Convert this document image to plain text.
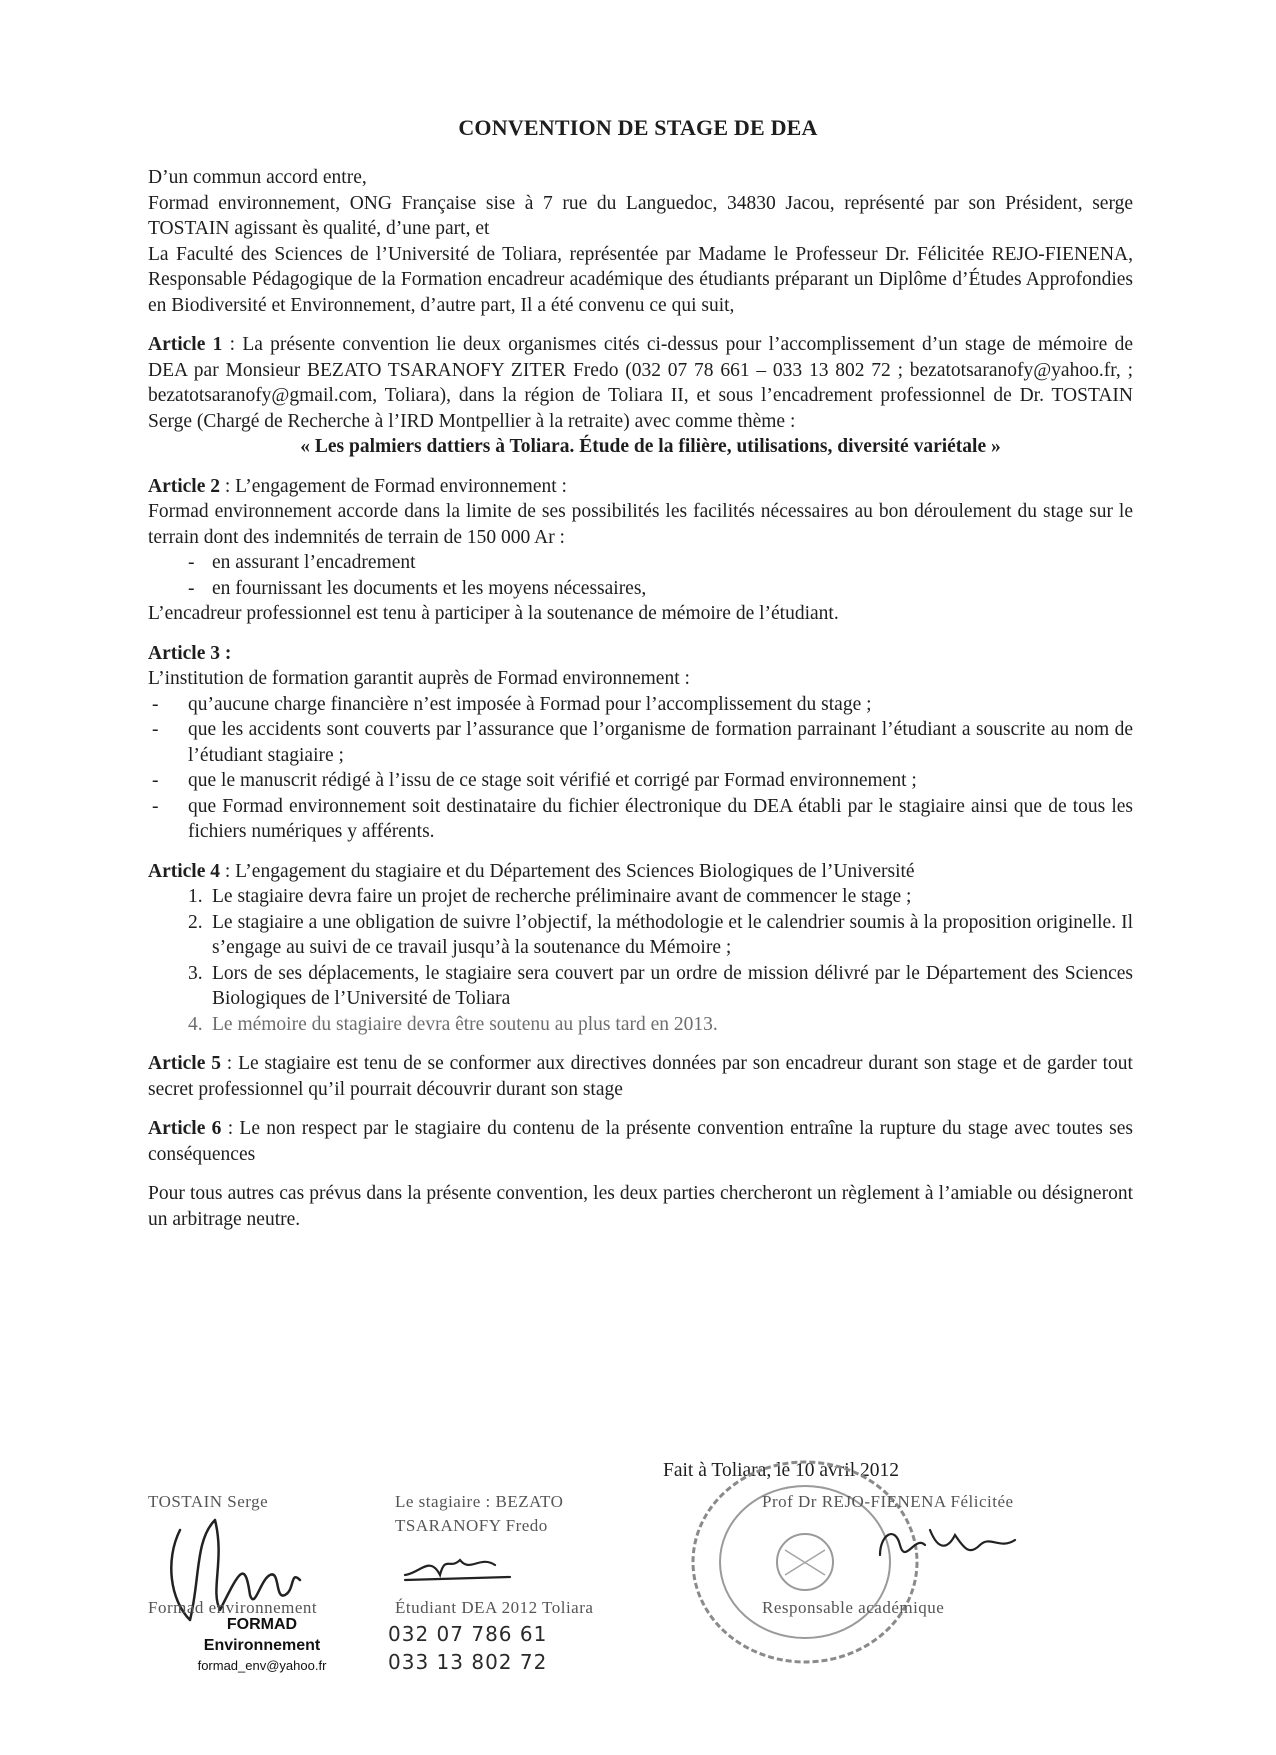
CONVENTION DE STAGE DE DEA

D’un commun accord entre,

Formad environnement, ONG Française sise à 7 rue du Languedoc, 34830 Jacou, représenté par son Président, serge TOSTAIN agissant ès qualité, d’une part, et

La Faculté des Sciences de l’Université de Toliara, représentée par Madame le Professeur Dr. Félicitée REJO-FIENENA, Responsable Pédagogique de la Formation encadreur académique des étudiants préparant un Diplôme d’Études Approfondies en Biodiversité et Environnement, d’autre part, Il a été convenu ce qui suit,

Article 1 : La présente convention lie deux organismes cités ci-dessus pour l’accomplissement d’un stage de mémoire de DEA par Monsieur BEZATO TSARANOFY ZITER Fredo (032 07 78 661 – 033 13 802 72 ; bezatotsaranofy@yahoo.fr, ; bezatotsaranofy@gmail.com, Toliara), dans la région de Toliara II, et sous l’encadrement professionnel de Dr. TOSTAIN Serge (Chargé de Recherche à l’IRD Montpellier à la retraite) avec comme thème :

« Les palmiers dattiers à Toliara. Étude de la filière, utilisations, diversité variétale »

Article 2 : L’engagement de Formad environnement :

Formad environnement accorde dans la limite de ses possibilités les facilités nécessaires au bon déroulement du stage sur le terrain dont des indemnités de terrain de 150 000 Ar :

- en assurant l’encadrement
- en fournissant les documents et les moyens nécessaires,

L’encadreur professionnel est tenu à participer à la soutenance de mémoire de l’étudiant.

Article 3 :

L’institution de formation garantit auprès de Formad environnement :

- qu’aucune charge financière n’est imposée à Formad pour l’accomplissement du stage ;
- que les accidents sont couverts par l’assurance que l’organisme de formation parrainant l’étudiant a souscrite au nom de l’étudiant stagiaire ;
- que le manuscrit rédigé à l’issu de ce stage soit vérifié et corrigé par Formad environnement ;
- que Formad environnement soit destinataire du fichier électronique du DEA établi par le stagiaire ainsi que de tous les fichiers numériques y afférents.

Article 4 : L’engagement du stagiaire et du Département des Sciences Biologiques de l’Université

1. Le stagiaire devra faire un projet de recherche préliminaire avant de commencer le stage ;
2. Le stagiaire a une obligation de suivre l’objectif, la méthodologie et le calendrier soumis à la proposition originelle. Il s’engage au suivi de ce travail jusqu’à la soutenance du Mémoire ;
3. Lors de ses déplacements, le stagiaire sera couvert par un ordre de mission délivré par le Département des Sciences Biologiques de l’Université de Toliara
4. Le mémoire du stagiaire devra être soutenu au plus tard en 2013.

Article 5 : Le stagiaire est tenu de se conformer aux directives données par son encadreur durant son stage et de garder tout secret professionnel qu’il pourrait découvrir durant son stage

Article 6 : Le non respect par le stagiaire du contenu de la présente convention entraîne la rupture du stage avec toutes ses conséquences

Pour tous autres cas prévus dans la présente convention, les deux parties chercheront un règlement à l’amiable ou désigneront un arbitrage neutre.

Fait à Toliara, le 10 avril 2012
TOSTAIN Serge
Formad environnement
FORMAD
Environnement
formad_env@yahoo.fr
Le stagiaire : BEZATO
TSARANOFY Fredo
Étudiant DEA 2012 Toliara
032 07 786 61
033 13 802 72
Prof Dr REJO-FIENENA Félicitée
Responsable académique
